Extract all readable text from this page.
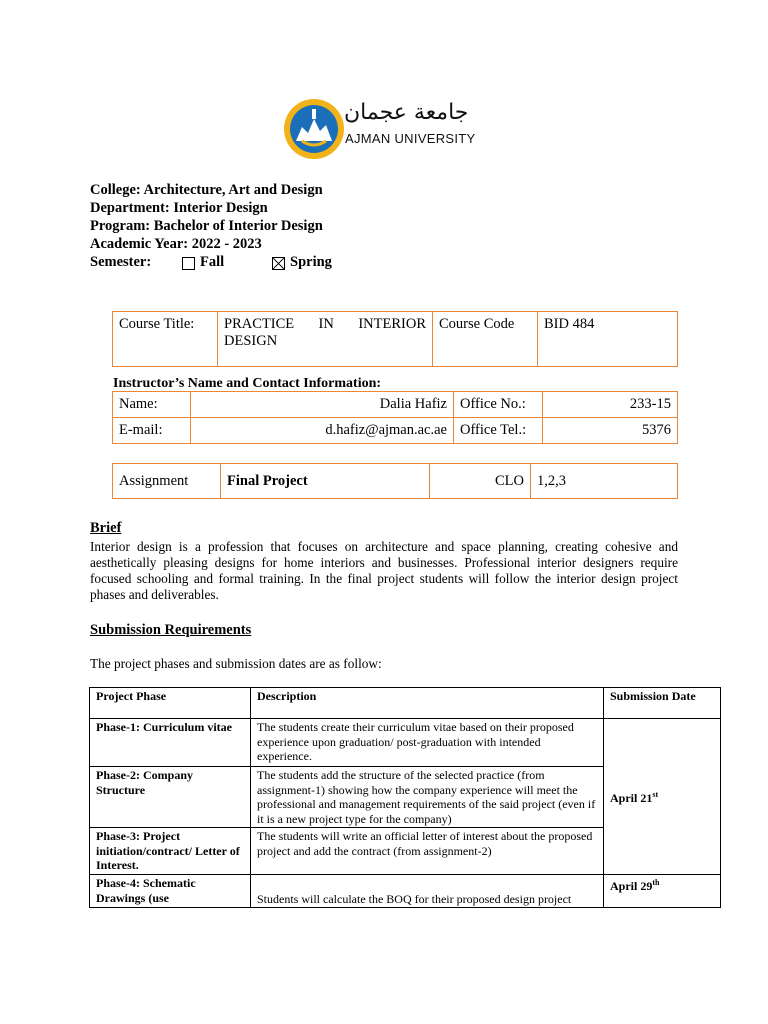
جامعة عجمان
AJMAN UNIVERSITY
College: Architecture, Art and Design
Department: Interior Design
Program: Bachelor of Interior Design
Academic Year: 2022 - 2023
Semester:	Fall	Spring
Course Title:	PRACTICE IN INTERIOR DESIGN	Course Code	BID 484
Instructor’s Name and Contact Information:
Name:	Dalia Hafiz	Office No.:	233-15
E-mail:	d.hafiz@ajman.ac.ae	Office Tel.:	5376
Assignment	Final Project	CLO	1,2,3
Brief
Interior design is a profession that focuses on architecture and space planning, creating cohesive and aesthetically pleasing designs for home interiors and businesses. Professional interior designers require focused schooling and formal training. In the final project students will follow the interior design project phases and deliverables.
Submission Requirements
The project phases and submission dates are as follow:
Project Phase	Description	Submission Date
Phase-1: Curriculum vitae	The students create their curriculum vitae based on their proposed experience upon graduation/ post-graduation with intended experience.	April 21st
Phase-2: Company Structure	The students add the structure of the selected practice (from assignment-1) showing how the company experience will meet the professional and management requirements of the said project (even if it is a new project type for the company)	
Phase-3: Project initiation/contract/ Letter of Interest.	The students will write an official letter of interest about the proposed project and add the contract (from assignment-2)	
Phase-4: Schematic Drawings (use	Students will calculate the BOQ for their proposed design project	April 29th
